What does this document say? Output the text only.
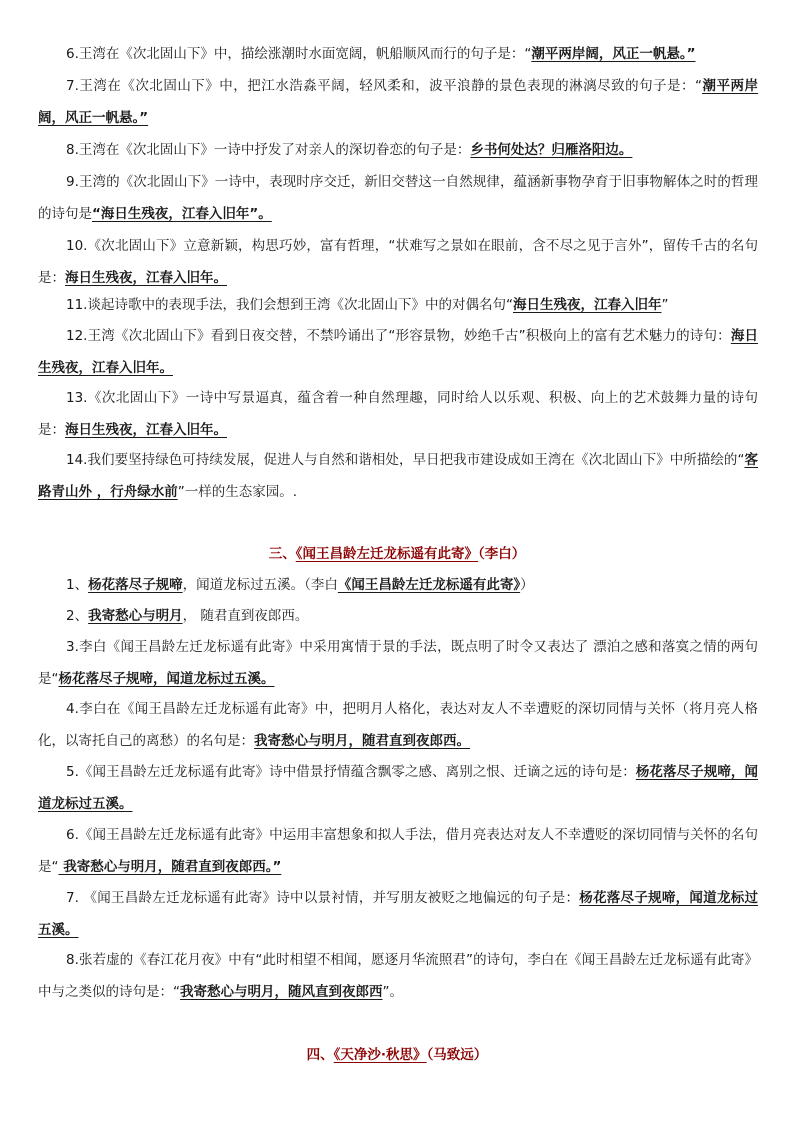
6.王湾在《次北固山下》中，描绘涨潮时水面宽阔，帆船顺风而行的句子是：“潮平两岸阔，风正一帆悬。”

7.王湾在《次北固山下》中，把江水浩淼平阔，轻风柔和，波平浪静的景色表现的淋漓尽致的句子是：“潮平两岸阔，风正一帆悬。”

8.王湾在《次北固山下》一诗中抒发了对亲人的深切眷恋的句子是：乡书何处达？归雁洛阳边。

9.王湾的《次北固山下》一诗中，表现时序交迁，新旧交替这一自然规律，蕴涵新事物孕育于旧事物解体之时的哲理的诗句是“海日生残夜，江春入旧年”。

10.《次北固山下》立意新颖，构思巧妙，富有哲理，“状难写之景如在眼前，含不尽之见于言外”，留传千古的名句是：海日生残夜，江春入旧年。

11.谈起诗歌中的表现手法，我们会想到王湾《次北固山下》中的对偶名句“海日生残夜，江春入旧年”

12.王湾《次北固山下》看到日夜交替，不禁吟诵出了“形容景物，妙绝千古”积极向上的富有艺术魅力的诗句：海日生残夜，江春入旧年。

13.《次北固山下》一诗中写景逼真，蕴含着一种自然理趣，同时给人以乐观、积极、向上的艺术鼓舞力量的诗句是：海日生残夜，江春入旧年。

14.我们要坚持绿色可持续发展，促进人与自然和谐相处，早日把我市建设成如王湾在《次北固山下》中所描绘的“客路青山外 ，行舟绿水前”一样的生态家园。.

三、《闻王昌龄左迁龙标遥有此寄》（李白）

1、杨花落尽子规啼，闻道龙标过五溪。（李白《闻王昌龄左迁龙标遥有此寄》）

2、我寄愁心与明月， 随君直到夜郎西。

3.李白《闻王昌龄左迁龙标遥有此寄》中采用寓情于景的手法，既点明了时令又表达了 漂泊之感和落寞之情的两句是“杨花落尽子规啼，闻道龙标过五溪。

4.李白在《闻王昌龄左迁龙标遥有此寄》中，把明月人格化，表达对友人不幸遭贬的深切同情与关怀（将月亮人格化，以寄托自己的离愁）的名句是：我寄愁心与明月，随君直到夜郎西。

5.《闻王昌龄左迁龙标遥有此寄》诗中借景抒情蕴含飘零之感、离别之恨、迁谪之远的诗句是：杨花落尽子规啼，闻道龙标过五溪。

6.《闻王昌龄左迁龙标遥有此寄》中运用丰富想象和拟人手法，借月亮表达对友人不幸遭贬的深切同情与关怀的名句是“ 我寄愁心与明月，随君直到夜郎西。”

7. 《闻王昌龄左迁龙标遥有此寄》诗中以景衬情，并写朋友被贬之地偏远的句子是：杨花落尽子规啼，闻道龙标过五溪。

8.张若虚的《春江花月夜》中有“此时相望不相闻，愿逐月华流照君”的诗句，李白在《闻王昌龄左迁龙标遥有此寄》中与之类似的诗句是：“我寄愁心与明月，随风直到夜郎西”。

四、《天净沙·秋思》（马致远）
